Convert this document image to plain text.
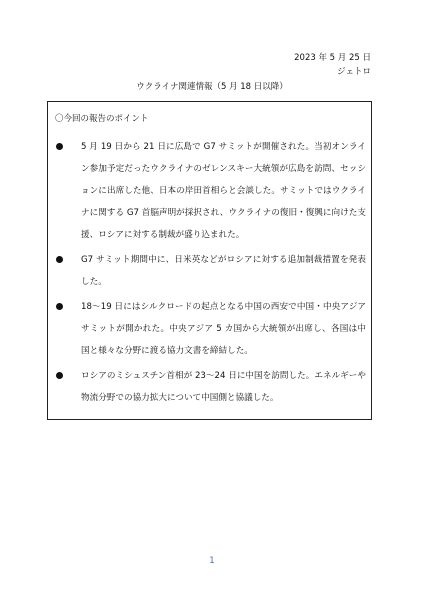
2023 年 5 月 25 日
ジェトロ
ウクライナ関連情報（5 月 18 日以降）
〇今回の報告のポイント
5 月 19 日から 21 日に広島で G7 サミットが開催された。当初オンライン参加予定だったウクライナのゼレンスキー大統領が広島を訪問、セッションに出席した他、日本の岸田首相らと会談した。サミットではウクライナに関する G7 首脳声明が採択され、ウクライナの復旧・復興に向けた支援、ロシアに対する制裁が盛り込まれた。
G7 サミット期間中に、日米英などがロシアに対する追加制裁措置を発表した。
18～19 日にはシルクロードの起点となる中国の西安で中国・中央アジアサミットが開かれた。中央アジア 5 カ国から大統領が出席し、各国は中国と様々な分野に渡る協力文書を締結した。
ロシアのミシュスチン首相が 23～24 日に中国を訪問した。エネルギーや物流分野での協力拡大について中国側と協議した。
1
